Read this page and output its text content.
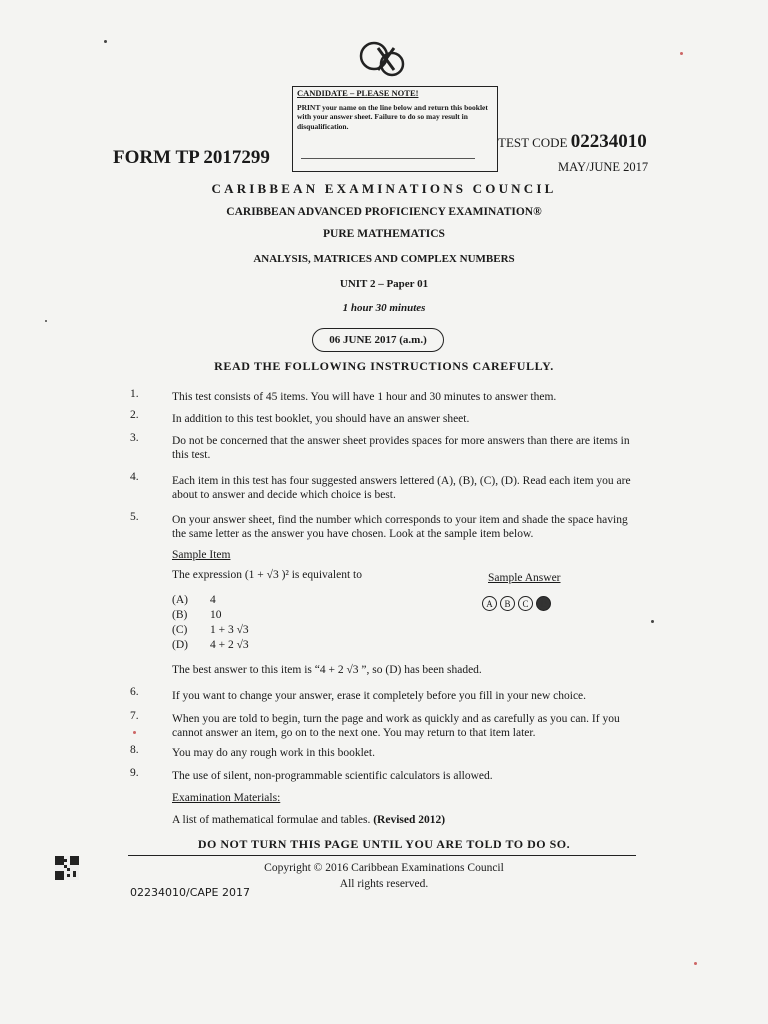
CANDIDATE – PLEASE NOTE!
PRINT your name on the line below and return this booklet with your answer sheet. Failure to do so may result in disqualification.
FORM TP 2017299
TEST CODE 02234010
MAY/JUNE 2017
CARIBBEAN EXAMINATIONS COUNCIL
CARIBBEAN ADVANCED PROFICIENCY EXAMINATION®
PURE MATHEMATICS
ANALYSIS, MATRICES AND COMPLEX NUMBERS
UNIT 2 – Paper 01
1 hour 30 minutes
06 JUNE 2017 (a.m.)
READ THE FOLLOWING INSTRUCTIONS CAREFULLY.
1.	This test consists of 45 items. You will have 1 hour and 30 minutes to answer them.
2.	In addition to this test booklet, you should have an answer sheet.
3.	Do not be concerned that the answer sheet provides spaces for more answers than there are items in this test.
4.	Each item in this test has four suggested answers lettered (A), (B), (C), (D). Read each item you are about to answer and decide which choice is best.
5.	On your answer sheet, find the number which corresponds to your item and shade the space having the same letter as the answer you have chosen. Look at the sample item below.
Sample Item
The expression (1 + √3 )² is equivalent to	Sample Answer
A B C D
(A) 4
(B) 10
(C) 1 + 3 √3
(D) 4 + 2 √3
The best answer to this item is “4 + 2 √3 ”, so (D) has been shaded.
6.	If you want to change your answer, erase it completely before you fill in your new choice.
7.	When you are told to begin, turn the page and work as quickly and as carefully as you can. If you cannot answer an item, go on to the next one. You may return to that item later.
8.	You may do any rough work in this booklet.
9.	The use of silent, non-programmable scientific calculators is allowed.
Examination Materials:
A list of mathematical formulae and tables. (Revised 2012)
DO NOT TURN THIS PAGE UNTIL YOU ARE TOLD TO DO SO.
Copyright © 2016 Caribbean Examinations Council
All rights reserved.
02234010/CAPE 2017
